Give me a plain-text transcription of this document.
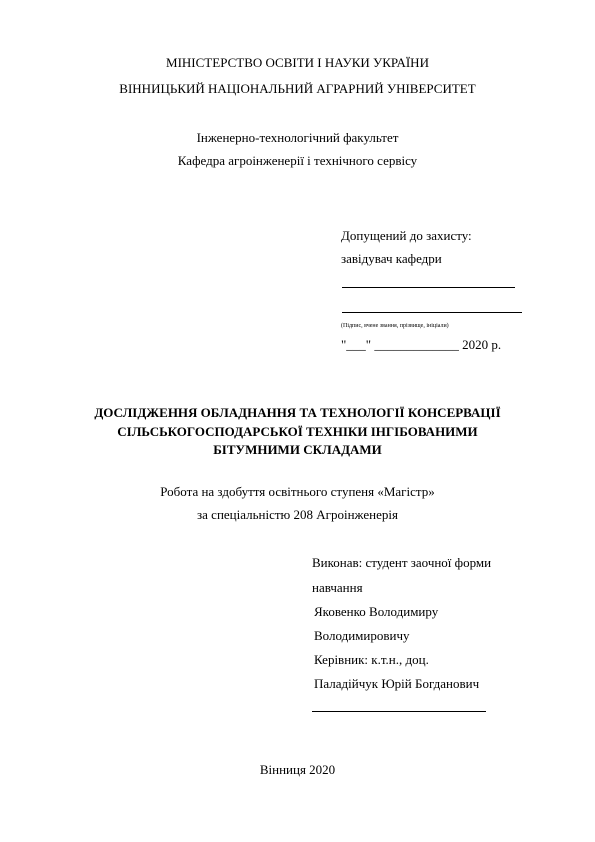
МІНІСТЕРСТВО ОСВІТИ І НАУКИ УКРАЇНИ
ВІННИЦЬКИЙ НАЦІОНАЛЬНИЙ АГРАРНИЙ УНІВЕРСИТЕТ
Інженерно-технологічний факультет
Кафедра агроінженерії і технічного сервісу
Допущений до захисту:
завідувач кафедри
(Підпис, вчене звання, прізвище, ініціали)
"___" _____________ 2020 р.
ДОСЛІДЖЕННЯ ОБЛАДНАННЯ ТА ТЕХНОЛОГІЇ КОНСЕРВАЦІЇ
СІЛЬСЬКОГОСПОДАРСЬКОЇ ТЕХНІКИ ІНГІБОВАНИМИ
БІТУМНИМИ СКЛАДАМИ
Робота на здобуття освітнього ступеня «Магістр»
за спеціальністю 208 Агроінженерія
Виконав: студент заочної форми
навчання
Яковенко Володимиру
Володимировичу
Керівник: к.т.н., доц.
Паладійчук Юрій Богданович
Вінниця 2020
